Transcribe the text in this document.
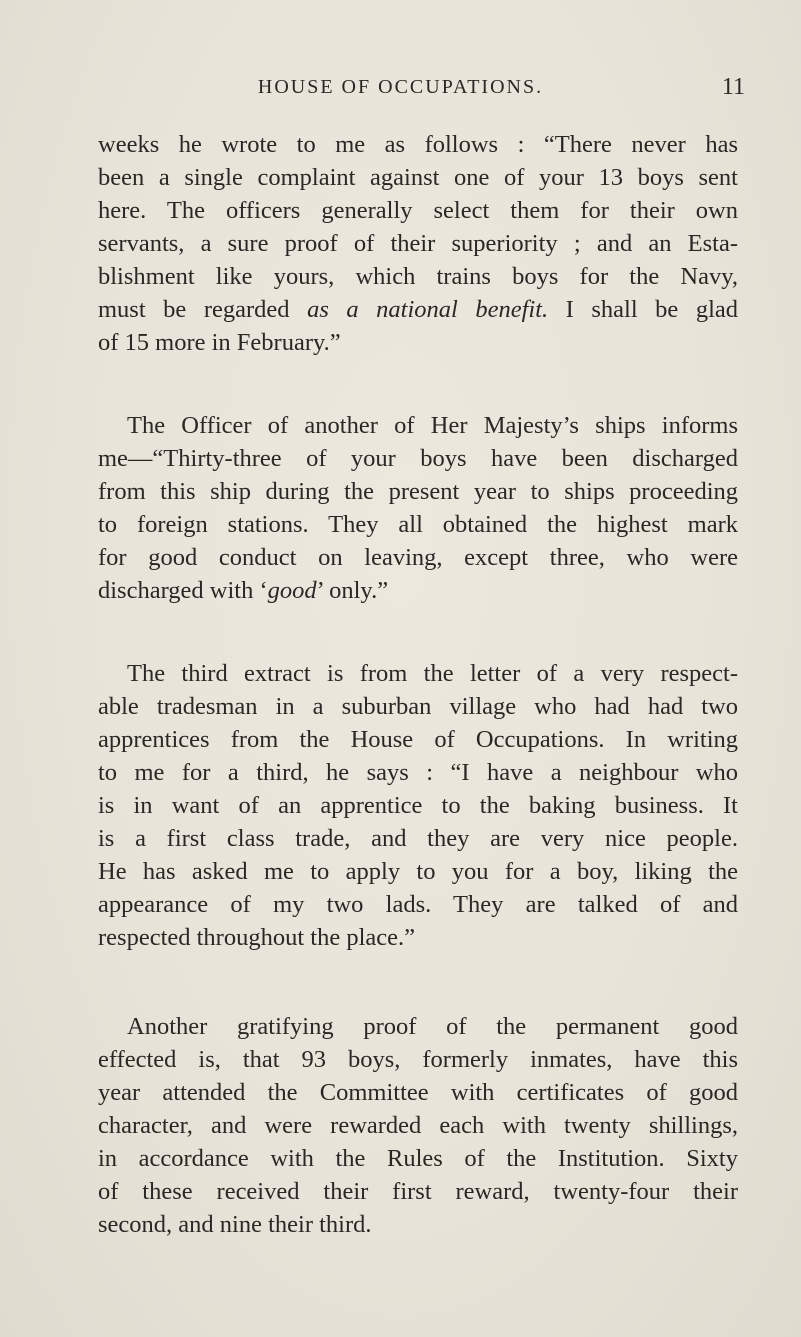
HOUSE OF OCCUPATIONS.	11
weeks he wrote to me as follows : “There never has
been a single complaint against one of your 13 boys sent
here. The officers generally select them for their own
servants, a sure proof of their superiority ; and an Esta-
blishment like yours, which trains boys for the Navy,
must be regarded as a national benefit. I shall be glad
of 15 more in February.”
The Officer of another of Her Majesty’s ships informs
me—“Thirty-three of your boys have been discharged
from this ship during the present year to ships proceeding
to foreign stations. They all obtained the highest mark
for good conduct on leaving, except three, who were
discharged with ‘good’ only.”
The third extract is from the letter of a very respect-
able tradesman in a suburban village who had had two
apprentices from the House of Occupations. In writing
to me for a third, he says : “I have a neighbour who
is in want of an apprentice to the baking business. It
is a first class trade, and they are very nice people.
He has asked me to apply to you for a boy, liking the
appearance of my two lads. They are talked of and
respected throughout the place.”
Another gratifying proof of the permanent good
effected is, that 93 boys, formerly inmates, have this
year attended the Committee with certificates of good
character, and were rewarded each with twenty shillings,
in accordance with the Rules of the Institution. Sixty
of these received their first reward, twenty-four their
second, and nine their third.
